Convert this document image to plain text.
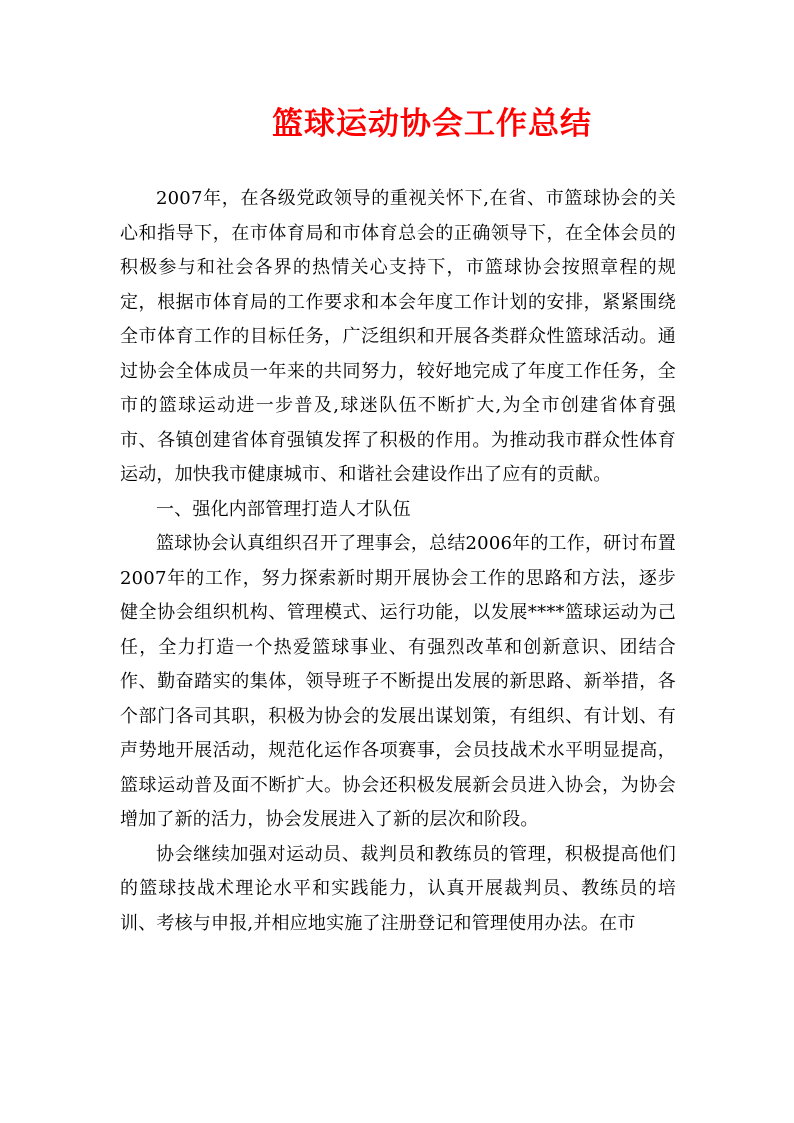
篮球运动协会工作总结

2007年，在各级党政领导的重视关怀下,在省、市篮球协会的关心和指导下，在市体育局和市体育总会的正确领导下，在全体会员的积极参与和社会各界的热情关心支持下，市篮球协会按照章程的规定，根据市体育局的工作要求和本会年度工作计划的安排，紧紧围绕全市体育工作的目标任务，广泛组织和开展各类群众性篮球活动。通过协会全体成员一年来的共同努力，较好地完成了年度工作任务，全市的篮球运动进一步普及,球迷队伍不断扩大,为全市创建省体育强市、各镇创建省体育强镇发挥了积极的作用。为推动我市群众性体育运动，加快我市健康城市、和谐社会建设作出了应有的贡献。

一、强化内部管理打造人才队伍

篮球协会认真组织召开了理事会，总结2006年的工作，研讨布置2007年的工作，努力探索新时期开展协会工作的思路和方法，逐步健全协会组织机构、管理模式、运行功能，以发展****篮球运动为己任，全力打造一个热爱篮球事业、有强烈改革和创新意识、团结合作、勤奋踏实的集体，领导班子不断提出发展的新思路、新举措，各个部门各司其职，积极为协会的发展出谋划策，有组织、有计划、有声势地开展活动，规范化运作各项赛事，会员技战术水平明显提高，篮球运动普及面不断扩大。协会还积极发展新会员进入协会，为协会增加了新的活力，协会发展进入了新的层次和阶段。

协会继续加强对运动员、裁判员和教练员的管理，积极提高他们的篮球技战术理论水平和实践能力，认真开展裁判员、教练员的培训、考核与申报,并相应地实施了注册登记和管理使用办法。在市
